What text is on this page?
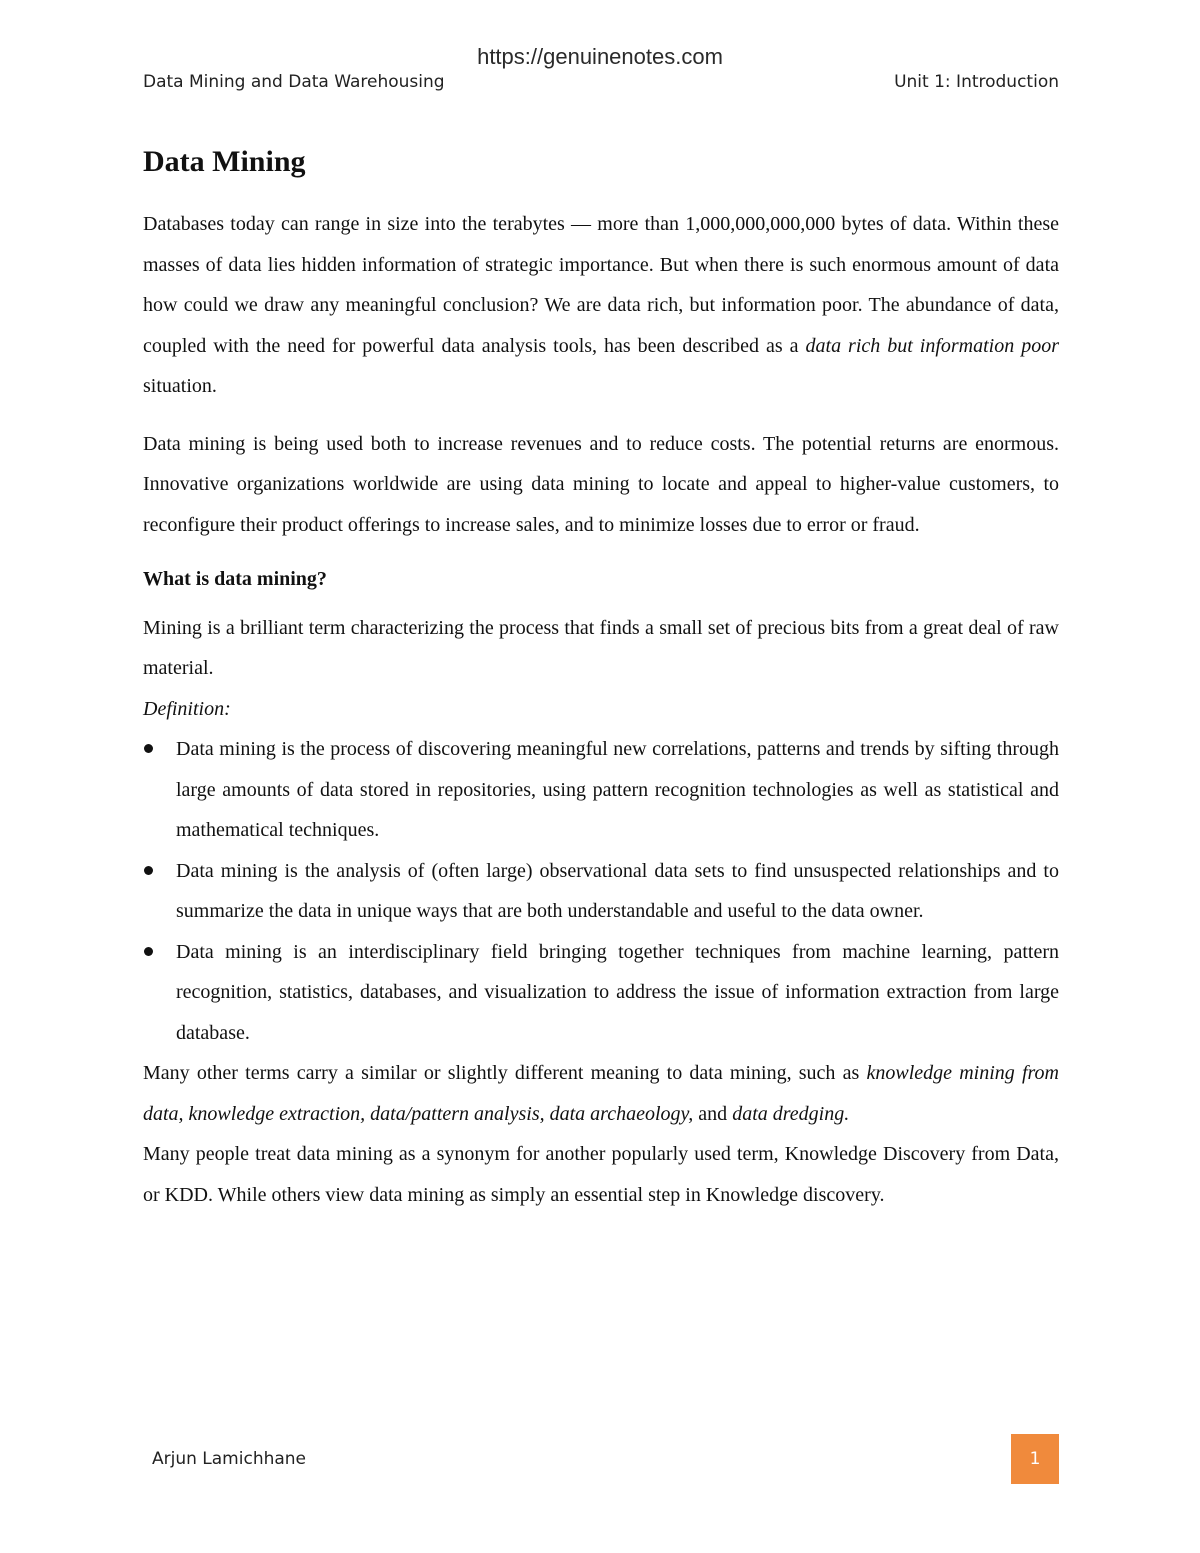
https://genuinenotes.com
Data Mining and Data Warehousing	Unit 1: Introduction
Data Mining

Databases today can range in size into the terabytes — more than 1,000,000,000,000 bytes of data. Within these masses of data lies hidden information of strategic importance. But when there is such enormous amount of data how could we draw any meaningful conclusion? We are data rich, but information poor. The abundance of data, coupled with the need for powerful data analysis tools, has been described as a data rich but information poor situation.

Data mining is being used both to increase revenues and to reduce costs. The potential returns are enormous. Innovative organizations worldwide are using data mining to locate and appeal to higher-value customers, to reconfigure their product offerings to increase sales, and to minimize losses due to error or fraud.

What is data mining?

Mining is a brilliant term characterizing the process that finds a small set of precious bits from a great deal of raw material.

Definition:

Data mining is the process of discovering meaningful new correlations, patterns and trends by sifting through large amounts of data stored in repositories, using pattern recognition technologies as well as statistical and mathematical techniques.
Data mining is the analysis of (often large) observational data sets to find unsuspected relationships and to summarize the data in unique ways that are both understandable and useful to the data owner.
Data mining is an interdisciplinary field bringing together techniques from machine learning, pattern recognition, statistics, databases, and visualization to address the issue of information extraction from large database.

Many other terms carry a similar or slightly different meaning to data mining, such as knowledge mining from data, knowledge extraction, data/pattern analysis, data archaeology, and data dredging.

Many people treat data mining as a synonym for another popularly used term, Knowledge Discovery from Data, or KDD. While others view data mining as simply an essential step in Knowledge discovery.

Arjun Lamichhane	1
